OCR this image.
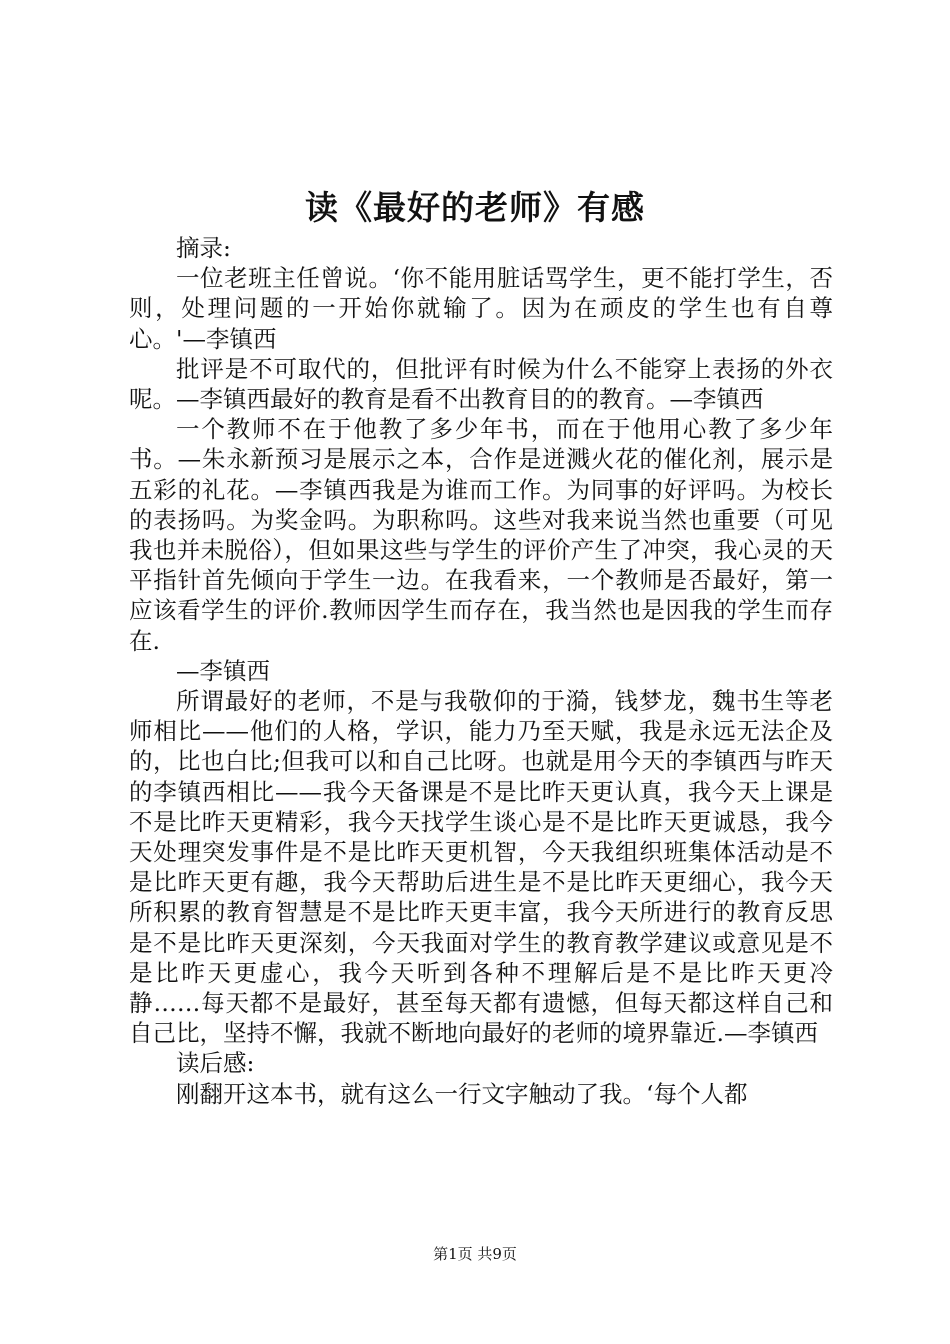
读《最好的老师》有感

摘录:

一位老班主任曾说。‘你不能用脏话骂学生，更不能打学生，否则，处理问题的一开始你就输了。因为在顽皮的学生也有自尊心。'—李镇西

批评是不可取代的，但批评有时候为什么不能穿上表扬的外衣呢。—李镇西最好的教育是看不出教育目的的教育。—李镇西

一个教师不在于他教了多少年书，而在于他用心教了多少年书。—朱永新预习是展示之本，合作是迸溅火花的催化剂，展示是五彩的礼花。—李镇西我是为谁而工作。为同事的好评吗。为校长的表扬吗。为奖金吗。为职称吗。这些对我来说当然也重要（可见我也并未脱俗），但如果这些与学生的评价产生了冲突，我心灵的天平指针首先倾向于学生一边。在我看来，一个教师是否最好，第一应该看学生的评价.教师因学生而存在，我当然也是因我的学生而存在.

—李镇西

所谓最好的老师，不是与我敬仰的于漪，钱梦龙，魏书生等老师相比——他们的人格，学识，能力乃至天赋，我是永远无法企及的，比也白比;但我可以和自己比呀。也就是用今天的李镇西与昨天的李镇西相比——我今天备课是不是比昨天更认真，我今天上课是不是比昨天更精彩，我今天找学生谈心是不是比昨天更诚恳，我今天处理突发事件是不是比昨天更机智，今天我组织班集体活动是不是比昨天更有趣，我今天帮助后进生是不是比昨天更细心，我今天所积累的教育智慧是不是比昨天更丰富，我今天所进行的教育反思是不是比昨天更深刻，今天我面对学生的教育教学建议或意见是不是比昨天更虚心，我今天听到各种不理解后是不是比昨天更冷静……每天都不是最好，甚至每天都有遗憾，但每天都这样自己和自己比，坚持不懈，我就不断地向最好的老师的境界靠近.—李镇西

读后感:

刚翻开这本书，就有这么一行文字触动了我。‘每个人都

第1页 共9页
